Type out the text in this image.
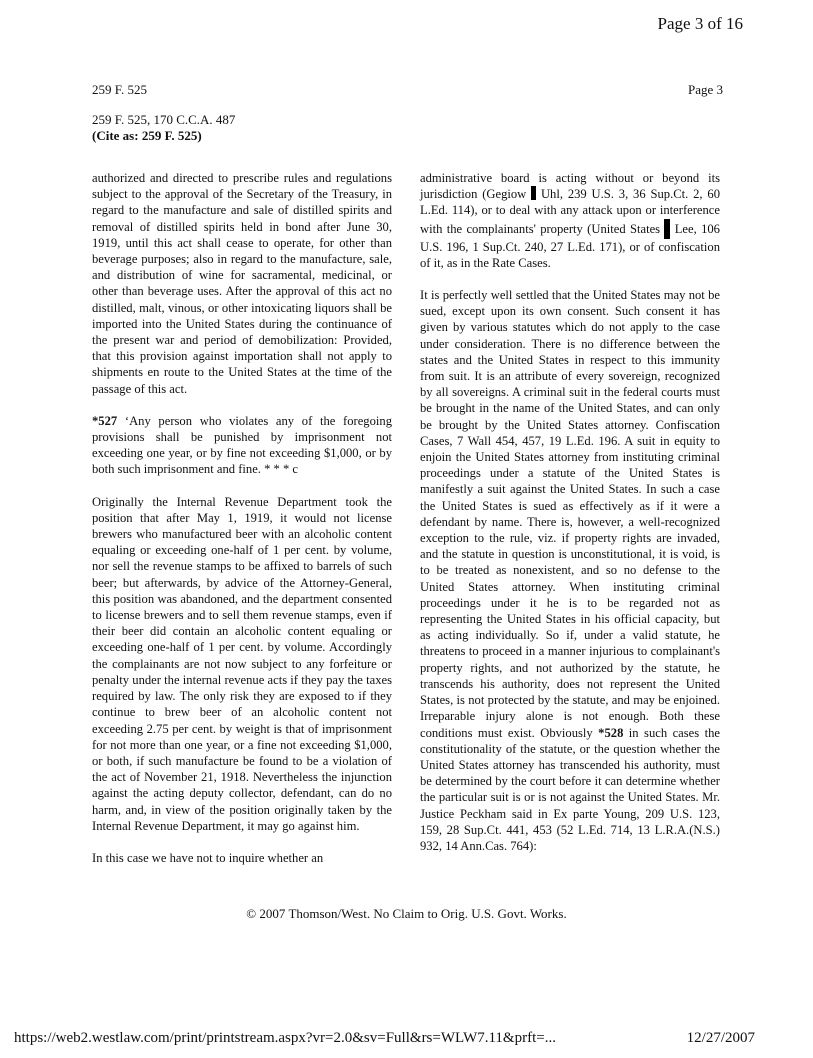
Page 3 of 16
259 F. 525
259 F. 525, 170 C.C.A. 487
(Cite as: 259 F. 525)
Page 3

authorized and directed to prescribe rules and regulations subject to the approval of the Secretary of the Treasury, in regard to the manufacture and sale of distilled spirits and removal of distilled spirits held in bond after June 30, 1919, until this act shall cease to operate, for other than beverage purposes; also in regard to the manufacture, sale, and distribution of wine for sacramental, medicinal, or other than beverage uses. After the approval of this act no distilled, malt, vinous, or other intoxicating liquors shall be imported into the United States during the continuance of the present war and period of demobilization: Provided, that this provision against importation shall not apply to shipments en route to the United States at the time of the passage of this act.

*527 ‘Any person who violates any of the foregoing provisions shall be punished by imprisonment not exceeding one year, or by fine not exceeding $1,000, or by both such imprisonment and fine. * * * c

Originally the Internal Revenue Department took the position that after May 1, 1919, it would not license brewers who manufactured beer with an alcoholic content equaling or exceeding one-half of 1 per cent. by volume, nor sell the revenue stamps to be affixed to barrels of such beer; but afterwards, by advice of the Attorney-General, this position was abandoned, and the department consented to license brewers and to sell them revenue stamps, even if their beer did contain an alcoholic content equaling or exceeding one-half of 1 per cent. by volume. Accordingly the complainants are not now subject to any forfeiture or penalty under the internal revenue acts if they pay the taxes required by law. The only risk they are exposed to if they continue to brew beer of an alcoholic content not exceeding 2.75 per cent. by weight is that of imprisonment for not more than one year, or a fine not exceeding $1,000, or both, if such manufacture be found to be a violation of the act of November 21, 1918. Nevertheless the injunction against the acting deputy collector, defendant, can do no harm, and, in view of the position originally taken by the Internal Revenue Department, it may go against him.

In this case we have not to inquire whether an

administrative board is acting without or beyond its jurisdiction (Gegiow  Uhl, 239 U.S. 3, 36 Sup.Ct. 2, 60 L.Ed. 114), or to deal with any attack upon or interference with the complainants' property (United States  Lee, 106 U.S. 196, 1 Sup.Ct. 240, 27 L.Ed. 171), or of confiscation of it, as in the Rate Cases.

It is perfectly well settled that the United States may not be sued, except upon its own consent. Such consent it has given by various statutes which do not apply to the case under consideration. There is no difference between the states and the United States in respect to this immunity from suit. It is an attribute of every sovereign, recognized by all sovereigns. A criminal suit in the federal courts must be brought in the name of the United States, and can only be brought by the United States attorney. Confiscation Cases, 7 Wall 454, 457, 19 L.Ed. 196. A suit in equity to enjoin the United States attorney from instituting criminal proceedings under a statute of the United States is manifestly a suit against the United States. In such a case the United States is sued as effectively as if it were a defendant by name. There is, however, a well-recognized exception to the rule, viz. if property rights are invaded, and the statute in question is unconstitutional, it is void, is to be treated as nonexistent, and so no defense to the United States attorney. When instituting criminal proceedings under it he is to be regarded not as representing the United States in his official capacity, but as acting individually. So if, under a valid statute, he threatens to proceed in a manner injurious to complainant's property rights, and not authorized by the statute, he transcends his authority, does not represent the United States, is not protected by the statute, and may be enjoined. Irreparable injury alone is not enough. Both these conditions must exist. Obviously *528 in such cases the constitutionality of the statute, or the question whether the United States attorney has transcended his authority, must be determined by the court before it can determine whether the particular suit is or is not against the United States. Mr. Justice Peckham said in Ex parte Young, 209 U.S. 123, 159, 28 Sup.Ct. 441, 453 (52 L.Ed. 714, 13 L.R.A.(N.S.) 932, 14 Ann.Cas. 764):

© 2007 Thomson/West. No Claim to Orig. U.S. Govt. Works.
https://web2.westlaw.com/print/printstream.aspx?vr=2.0&sv=Full&rs=WLW7.11&prft=...	12/27/2007
